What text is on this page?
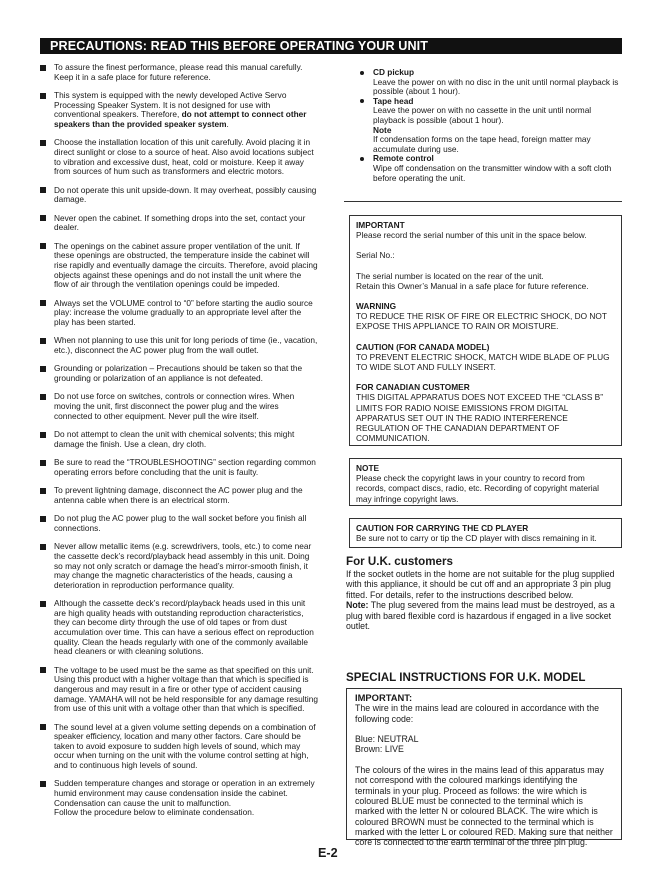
PRECAUTIONS: READ THIS BEFORE OPERATING YOUR UNIT
To assure the finest performance, please read this manual carefully. Keep it in a safe place for future reference.
This system is equipped with the newly developed Active Servo Processing Speaker System. It is not designed for use with conventional speakers. Therefore, do not attempt to connect other speakers than the provided speaker system.
Choose the installation location of this unit carefully. Avoid placing it in direct sunlight or close to a source of heat. Also avoid locations subject to vibration and excessive dust, heat, cold or moisture. Keep it away from sources of hum such as transformers and electric motors.
Do not operate this unit upside-down. It may overheat, possibly causing damage.
Never open the cabinet. If something drops into the set, contact your dealer.
The openings on the cabinet assure proper ventilation of the unit. If these openings are obstructed, the temperature inside the cabinet will rise rapidly and eventually damage the circuits. Therefore, avoid placing objects against these openings and do not install the unit where the flow of air through the ventilation openings could be impeded.
Always set the VOLUME control to “0” before starting the audio source play: increase the volume gradually to an appropriate level after the play has been started.
When not planning to use this unit for long periods of time (ie., vacation, etc.), disconnect the AC power plug from the wall outlet.
Grounding or polarization – Precautions should be taken so that the grounding or polarization of an appliance is not defeated.
Do not use force on switches, controls or connection wires. When moving the unit, first disconnect the power plug and the wires connected to other equipment. Never pull the wire itself.
Do not attempt to clean the unit with chemical solvents; this might damage the finish. Use a clean, dry cloth.
Be sure to read the “TROUBLESHOOTING” section regarding common operating errors before concluding that the unit is faulty.
To prevent lightning damage, disconnect the AC power plug and the antenna cable when there is an electrical storm.
Do not plug the AC power plug to the wall socket before you finish all connections.
Never allow metallic items (e.g. screwdrivers, tools, etc.) to come near the cassette deck’s record/playback head assembly in this unit. Doing so may not only scratch or damage the head’s mirror-smooth finish, it may change the magnetic characteristics of the heads, causing a deterioration in reproduction performance quality.
Although the cassette deck’s record/playback heads used in this unit are high quality heads with outstanding reproduction characteristics, they can become dirty through the use of old tapes or from dust accumulation over time. This can have a serious effect on reproduction quality. Clean the heads regularly with one of the commonly available head cleaners or with cleaning solutions.
The voltage to be used must be the same as that specified on this unit. Using this product with a higher voltage than that which is specified is dangerous and may result in a fire or other type of accident causing damage. YAMAHA will not be held responsible for any damage resulting from use of this unit with a voltage other than that which is specified.
The sound level at a given volume setting depends on a combination of speaker efficiency, location and many other factors. Care should be taken to avoid exposure to sudden high levels of sound, which may occur when turning on the unit with the volume control setting at high, and to continuous high levels of sound.
Sudden temperature changes and storage or operation in an extremely humid environment may cause condensation inside the cabinet.
Condensation can cause the unit to malfunction.
Follow the procedure below to eliminate condensation.
CD pickup
Leave the power on with no disc in the unit until normal playback is possible (about 1 hour).
Tape head
Leave the power on with no cassette in the unit until normal playback is possible (about 1 hour).
Note
If condensation forms on the tape head, foreign matter may accumulate during use.
Remote control
Wipe off condensation on the transmitter window with a soft cloth before operating the unit.

IMPORTANT
Please record the serial number of this unit in the space below.

Serial No.:

The serial number is located on the rear of the unit.
Retain this Owner’s Manual in a safe place for future reference.

WARNING
TO REDUCE THE RISK OF FIRE OR ELECTRIC SHOCK, DO NOT EXPOSE THIS APPLIANCE TO RAIN OR MOISTURE.

CAUTION (FOR CANADA MODEL)
TO PREVENT ELECTRIC SHOCK, MATCH WIDE BLADE OF PLUG TO WIDE SLOT AND FULLY INSERT.

FOR CANADIAN CUSTOMER
THIS DIGITAL APPARATUS DOES NOT EXCEED THE “CLASS B” LIMITS FOR RADIO NOISE EMISSIONS FROM DIGITAL APPARATUS SET OUT IN THE RADIO INTERFERENCE REGULATION OF THE CANADIAN DEPARTMENT OF COMMUNICATION.

NOTE
Please check the copyright laws in your country to record from records, compact discs, radio, etc. Recording of copyright material may infringe copyright laws.

CAUTION FOR CARRYING THE CD PLAYER
Be sure not to carry or tip the CD player with discs remaining in it.

For U.K. customers
If the socket outlets in the home are not suitable for the plug supplied with this appliance, it should be cut off and an appropriate 3 pin plug fitted. For details, refer to the instructions described below.
Note: The plug severed from the mains lead must be destroyed, as a plug with bared flexible cord is hazardous if engaged in a live socket outlet.
SPECIAL INSTRUCTIONS FOR U.K. MODEL

IMPORTANT:
The wire in the mains lead are coloured in accordance with the following code:

Blue: NEUTRAL
Brown: LIVE

The colours of the wires in the mains lead of this apparatus may not correspond with the coloured markings identifying the terminals in your plug. Proceed as follows: the wire which is coloured BLUE must be connected to the terminal which is marked with the letter N or coloured BLACK. The wire which is coloured BROWN must be connected to the terminal which is marked with the letter L or coloured RED. Making sure that neither core is connected to the earth terminal of the three pin plug.

E-2
